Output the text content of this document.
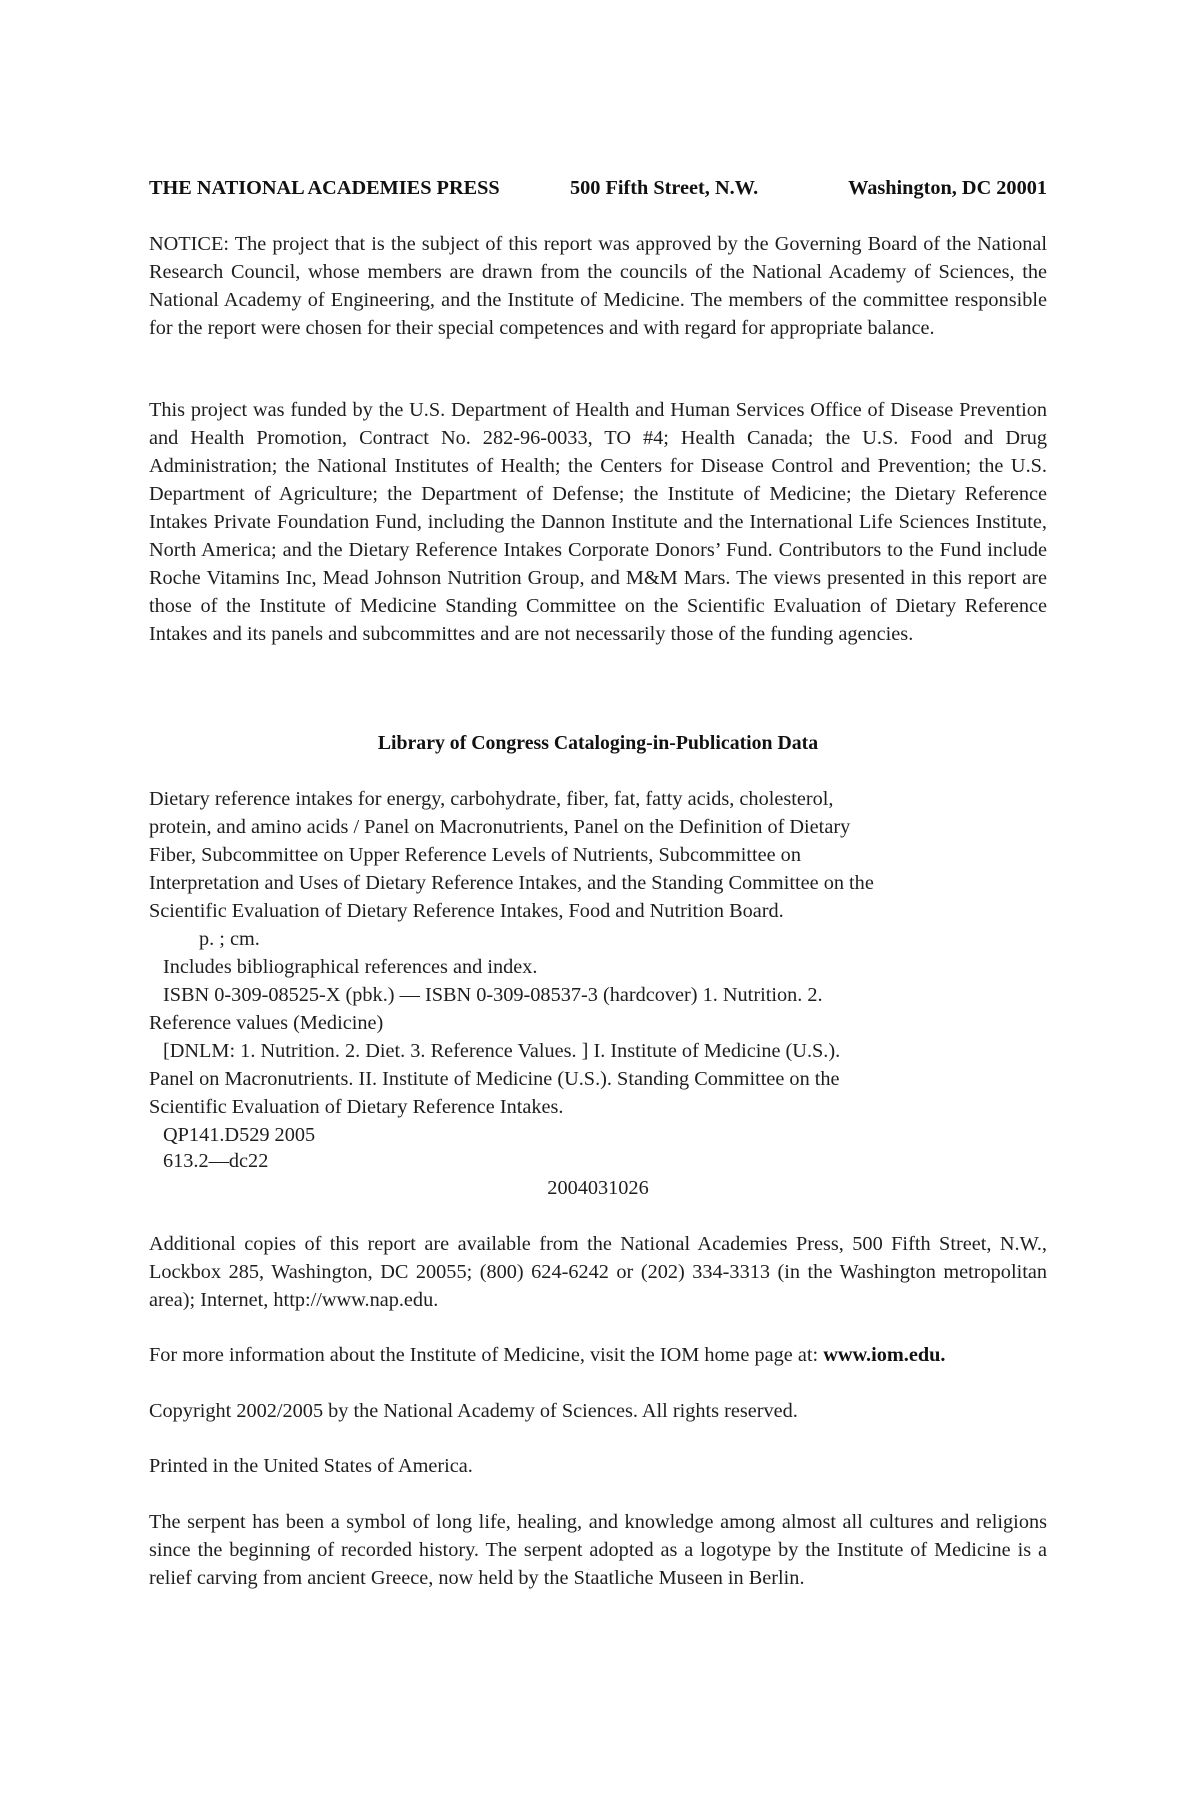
THE NATIONAL ACADEMIES PRESS	500 Fifth Street, N.W.	Washington, DC 20001

NOTICE: The project that is the subject of this report was approved by the Governing Board of the National Research Council, whose members are drawn from the councils of the National Academy of Sciences, the National Academy of Engineering, and the Institute of Medicine. The members of the committee responsible for the report were chosen for their special competences and with regard for appropriate balance.

This project was funded by the U.S. Department of Health and Human Services Office of Disease Prevention and Health Promotion, Contract No. 282-96-0033, TO #4; Health Canada; the U.S. Food and Drug Administration; the National Institutes of Health; the Centers for Disease Control and Prevention; the U.S. Department of Agriculture; the Department of Defense; the Institute of Medicine; the Dietary Reference Intakes Private Foundation Fund, including the Dannon Institute and the International Life Sciences Institute, North America; and the Dietary Reference Intakes Corporate Donors’ Fund. Contributors to the Fund include Roche Vitamins Inc, Mead Johnson Nutrition Group, and M&M Mars. The views presented in this report are those of the Institute of Medicine Standing Committee on the Scientific Evaluation of Dietary Reference Intakes and its panels and subcommittes and are not necessarily those of the funding agencies.

Library of Congress Cataloging-in-Publication Data

Dietary reference intakes for energy, carbohydrate, fiber, fat, fatty acids, cholesterol,

protein, and amino acids / Panel on Macronutrients, Panel on the Definition of Dietary

Fiber, Subcommittee on Upper Reference Levels of Nutrients, Subcommittee on

Interpretation and Uses of Dietary Reference Intakes, and the Standing Committee on the

Scientific Evaluation of Dietary Reference Intakes, Food and Nutrition Board.

p. ; cm.

Includes bibliographical references and index.

ISBN 0-309-08525-X (pbk.) — ISBN 0-309-08537-3 (hardcover) 1. Nutrition. 2.

Reference values (Medicine)

[DNLM: 1. Nutrition. 2. Diet. 3. Reference Values. ] I. Institute of Medicine (U.S.).

Panel on Macronutrients. II. Institute of Medicine (U.S.). Standing Committee on the

Scientific Evaluation of Dietary Reference Intakes.

QP141.D529 2005

613.2—dc22

2004031026

Additional copies of this report are available from the National Academies Press, 500 Fifth Street, N.W., Lockbox 285, Washington, DC 20055; (800) 624-6242 or (202) 334-3313 (in the Washington metropolitan area); Internet, http://www.nap.edu.

For more information about the Institute of Medicine, visit the IOM home page at: www.iom.edu.

Copyright 2002/2005 by the National Academy of Sciences. All rights reserved.

Printed in the United States of America.

The serpent has been a symbol of long life, healing, and knowledge among almost all cultures and religions since the beginning of recorded history. The serpent adopted as a logotype by the Institute of Medicine is a relief carving from ancient Greece, now held by the Staatliche Museen in Berlin.
